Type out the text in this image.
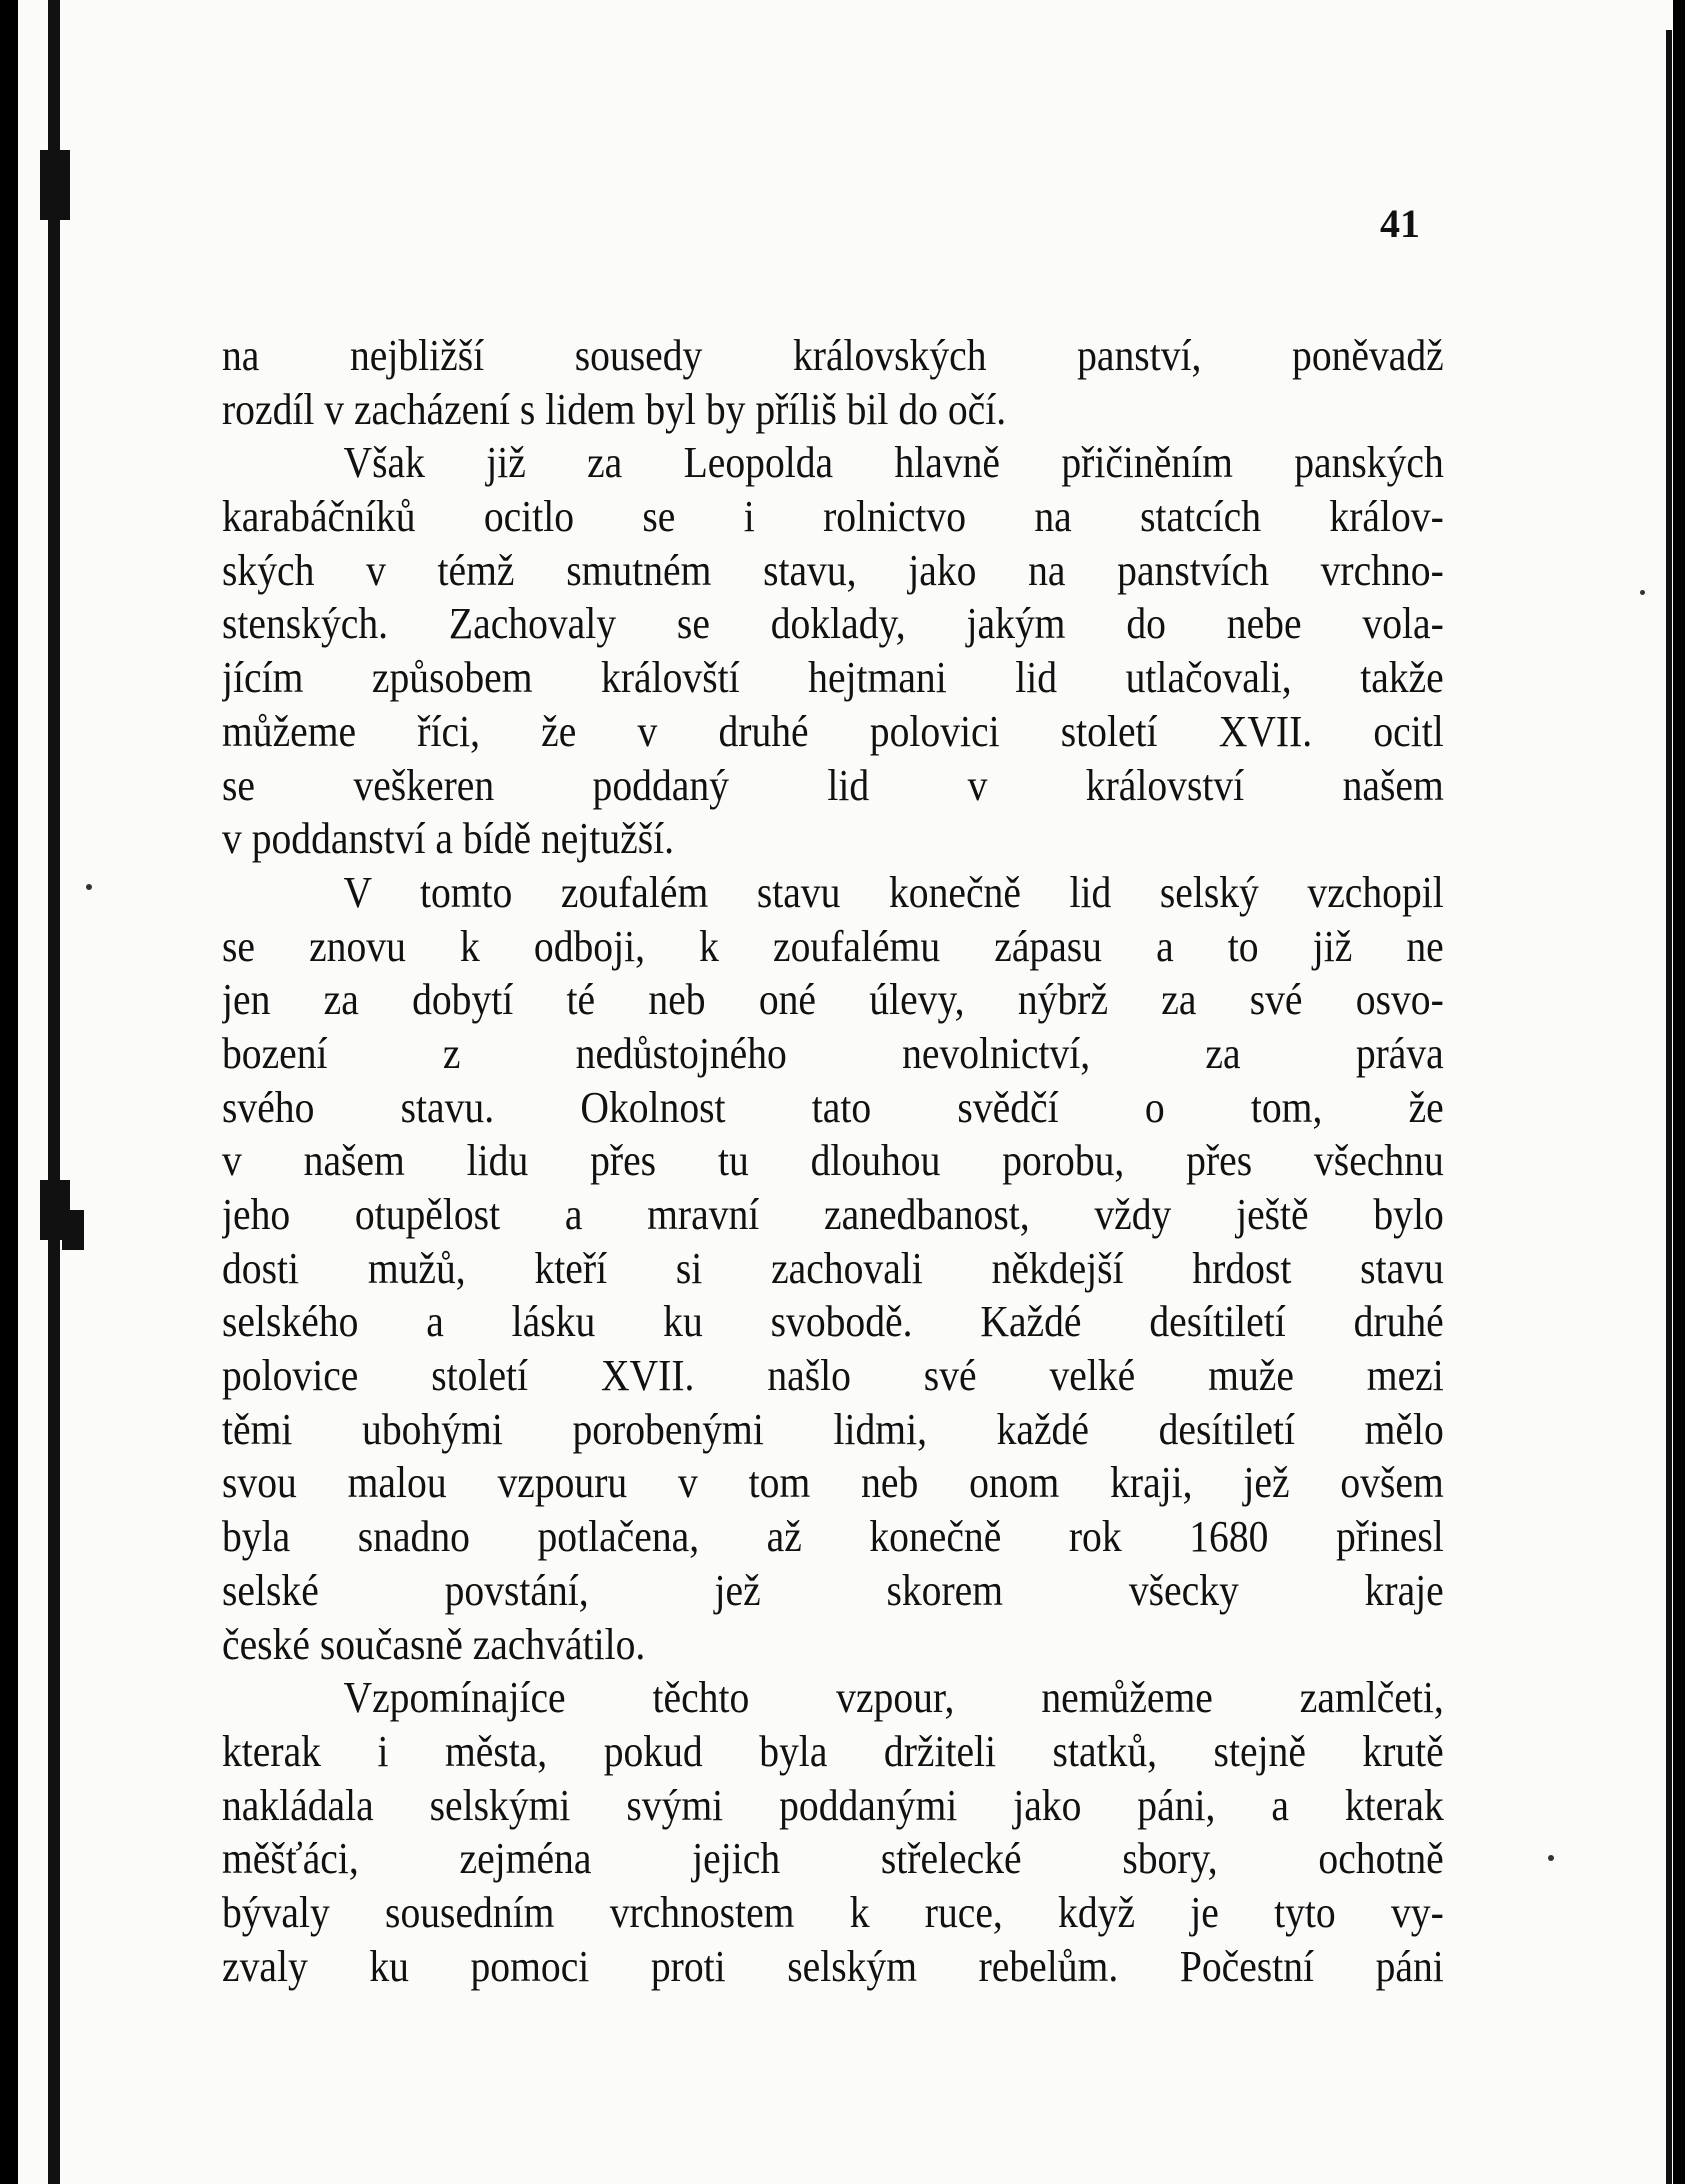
41
na nejbližší sousedy královských panství, poněvadž
rozdíl v zacházení s lidem byl by příliš bil do očí.
Však již za Leopolda hlavně přičiněním panských
karabáčníků ocitlo se i rolnictvo na statcích králov-
ských v témž smutném stavu, jako na panstvích vrchno-
stenských. Zachovaly se doklady, jakým do nebe vola-
jícím způsobem královští hejtmani lid utlačovali, takže
můžeme říci, že v druhé polovici století XVII. ocitl
se veškeren poddaný lid v království našem
v poddanství a bídě nejtužší.
V tomto zoufalém stavu konečně lid selský vzchopil
se znovu k odboji, k zoufalému zápasu a to již ne
jen za dobytí té neb oné úlevy, nýbrž za své osvo-
bození z nedůstojného nevolnictví, za práva
svého stavu. Okolnost tato svědčí o tom, že
v našem lidu přes tu dlouhou porobu, přes všechnu
jeho otupělost a mravní zanedbanost, vždy ještě bylo
dosti mužů, kteří si zachovali někdejší hrdost stavu
selského a lásku ku svobodě. Každé desítiletí druhé
polovice století XVII. našlo své velké muže mezi
těmi ubohými porobenými lidmi, každé desítiletí mělo
svou malou vzpouru v tom neb onom kraji, jež ovšem
byla snadno potlačena, až konečně rok 1680 přinesl
selské povstání, jež skorem všecky kraje
české současně zachvátilo.
Vzpomínajíce těchto vzpour, nemůžeme zamlčeti,
kterak i města, pokud byla držiteli statků, stejně krutě
nakládala selskými svými poddanými jako páni, a kterak
měšťáci, zejména jejich střelecké sbory, ochotně
bývaly sousedním vrchnostem k ruce, když je tyto vy-
zvaly ku pomoci proti selským rebelům. Počestní páni
